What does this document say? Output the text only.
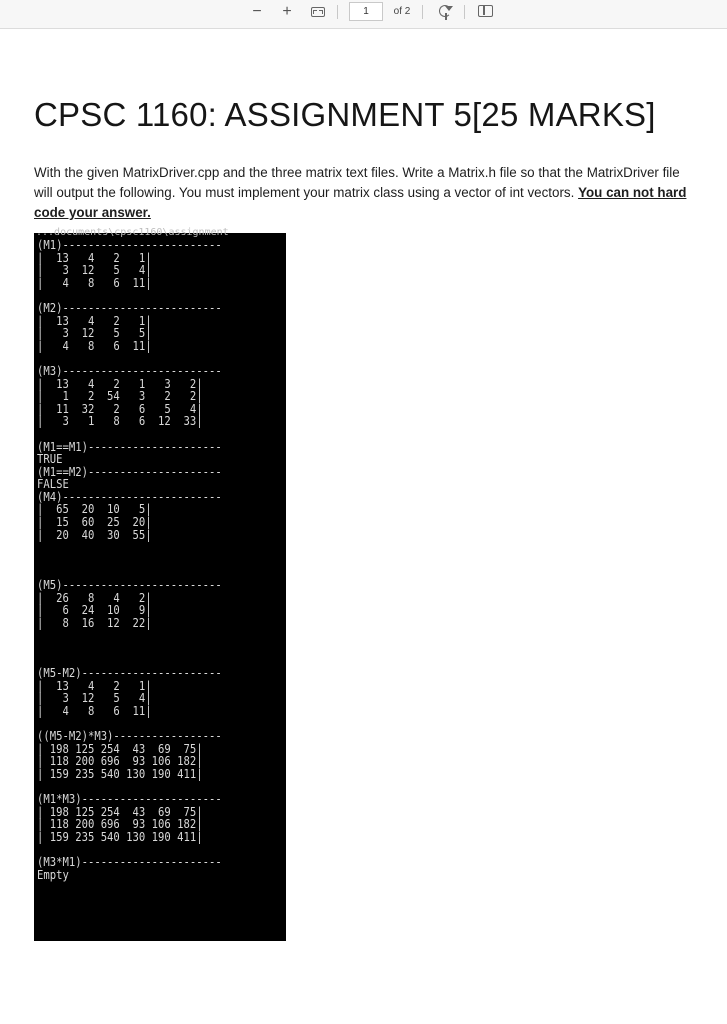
− +
1	of 2
CPSC 1160: ASSIGNMENT 5[25 MARKS]

With the given MatrixDriver.cpp and the three matrix text files. Write a Matrix.h file so that the MatrixDriver file will output the following. You must implement your matrix class using a vector of int vectors. You can not hard code your answer.

...documents\cpsc1160\assignment
(M1)-------------------------
|  13   4   2   1|
|   3  12   5   4|
|   4   8   6  11|

(M2)-------------------------
|  13   4   2   1|
|   3  12   5   5|
|   4   8   6  11|

(M3)-------------------------
|  13   4   2   1   3   2|
|   1   2  54   3   2   2|
|  11  32   2   6   5   4|
|   3   1   8   6  12  33|

(M1==M1)---------------------
TRUE
(M1==M2)---------------------
FALSE
(M4)-------------------------
|  65  20  10   5|
|  15  60  25  20|
|  20  40  30  55|

(M5)-------------------------
|  26   8   4   2|
|   6  24  10   9|
|   8  16  12  22|

(M5-M2)----------------------
|  13   4   2   1|
|   3  12   5   4|
|   4   8   6  11|

((M5-M2)*M3)-----------------
| 198 125 254  43  69  75|
| 118 200 696  93 106 182|
| 159 235 540 130 190 411|

(M1*M3)----------------------
| 198 125 254  43  69  75|
| 118 200 696  93 106 182|
| 159 235 540 130 190 411|

(M3*M1)----------------------
Empty
